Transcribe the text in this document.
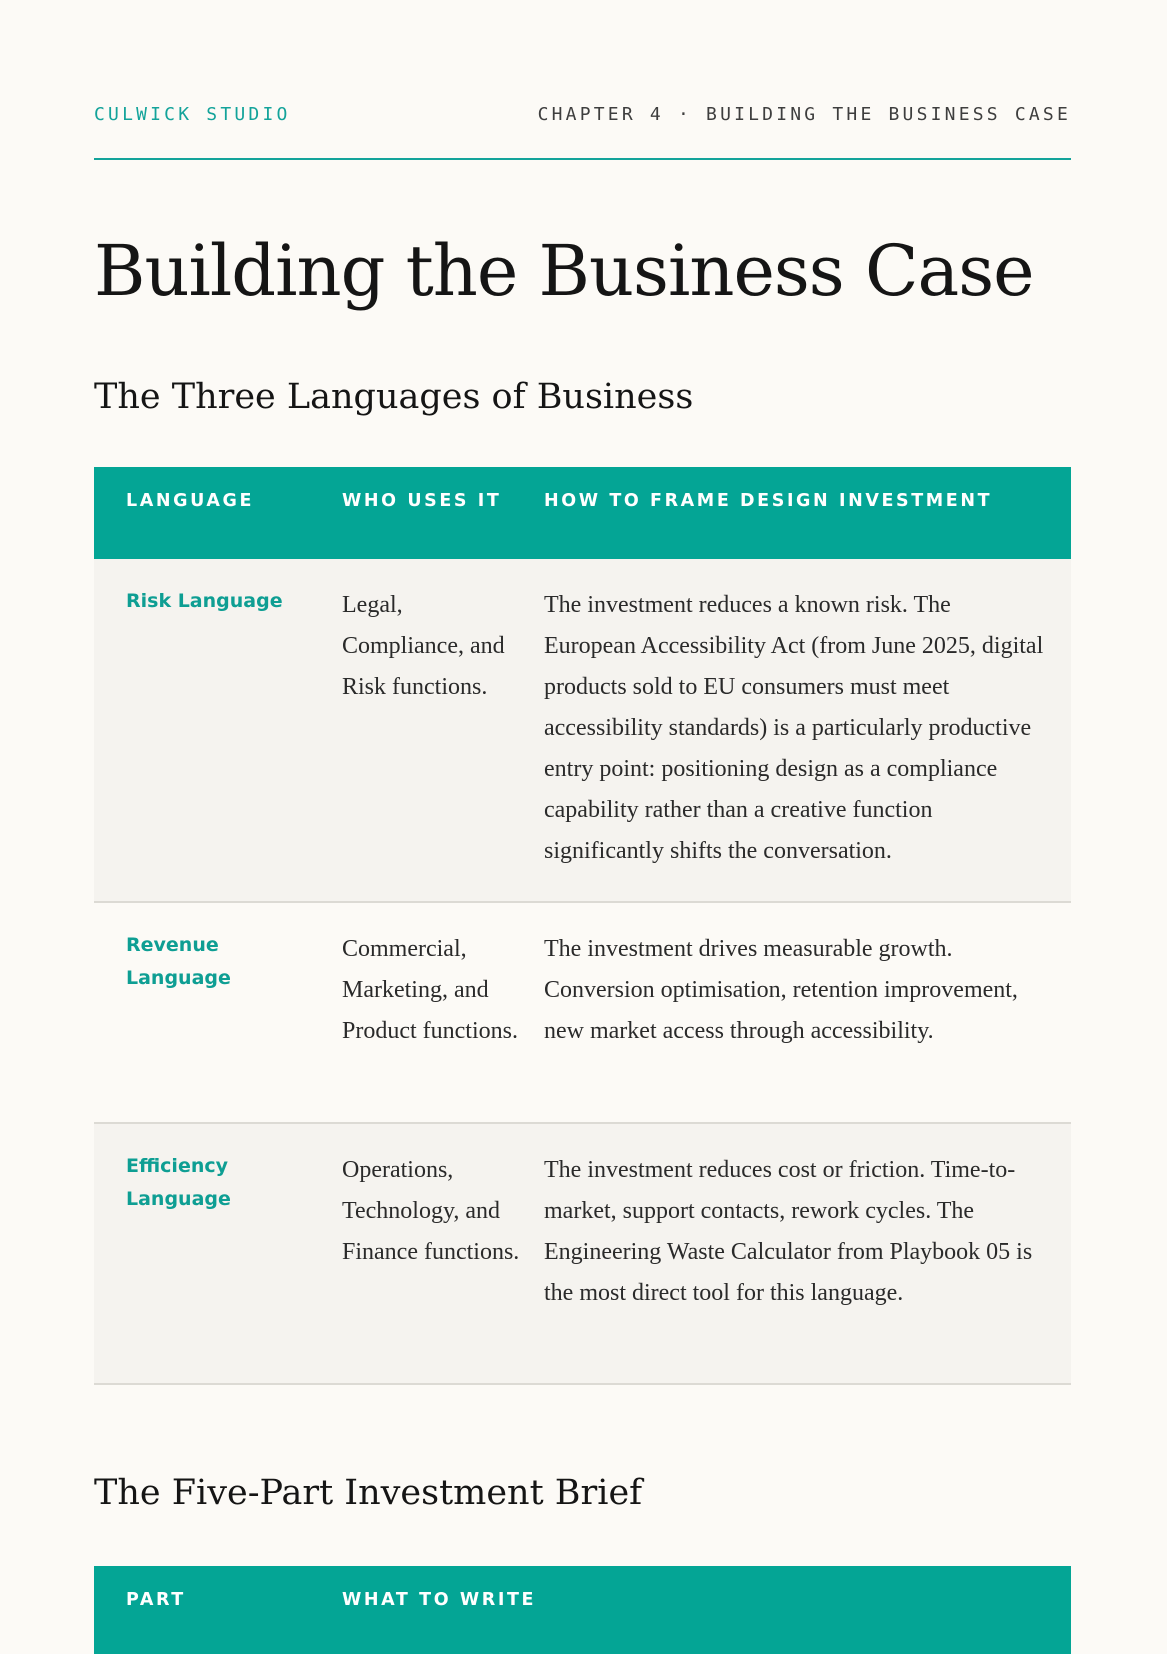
CULWICK STUDIO	CHAPTER 4 · BUILDING THE BUSINESS CASE
Building the Business Case
The Three Languages of Business
LANGUAGE	WHO USES IT	HOW TO FRAME DESIGN INVESTMENT
Risk Language	Legal, Compliance, and Risk functions.	The investment reduces a known risk. The European Accessibility Act (from June 2025, digital products sold to EU consumers must meet accessibility standards) is a particularly productive entry point: positioning design as a compliance capability rather than a creative function significantly shifts the conversation.
Revenue Language	Commercial, Marketing, and Product functions.	The investment drives measurable growth. Conversion optimisation, retention improvement, new market access through accessibility.
Efficiency Language	Operations, Technology, and Finance functions.	The investment reduces cost or friction. Time-to-market, support contacts, rework cycles. The Engineering Waste Calculator from Playbook 05 is the most direct tool for this language.
The Five-Part Investment Brief
PART	WHAT TO WRITE
